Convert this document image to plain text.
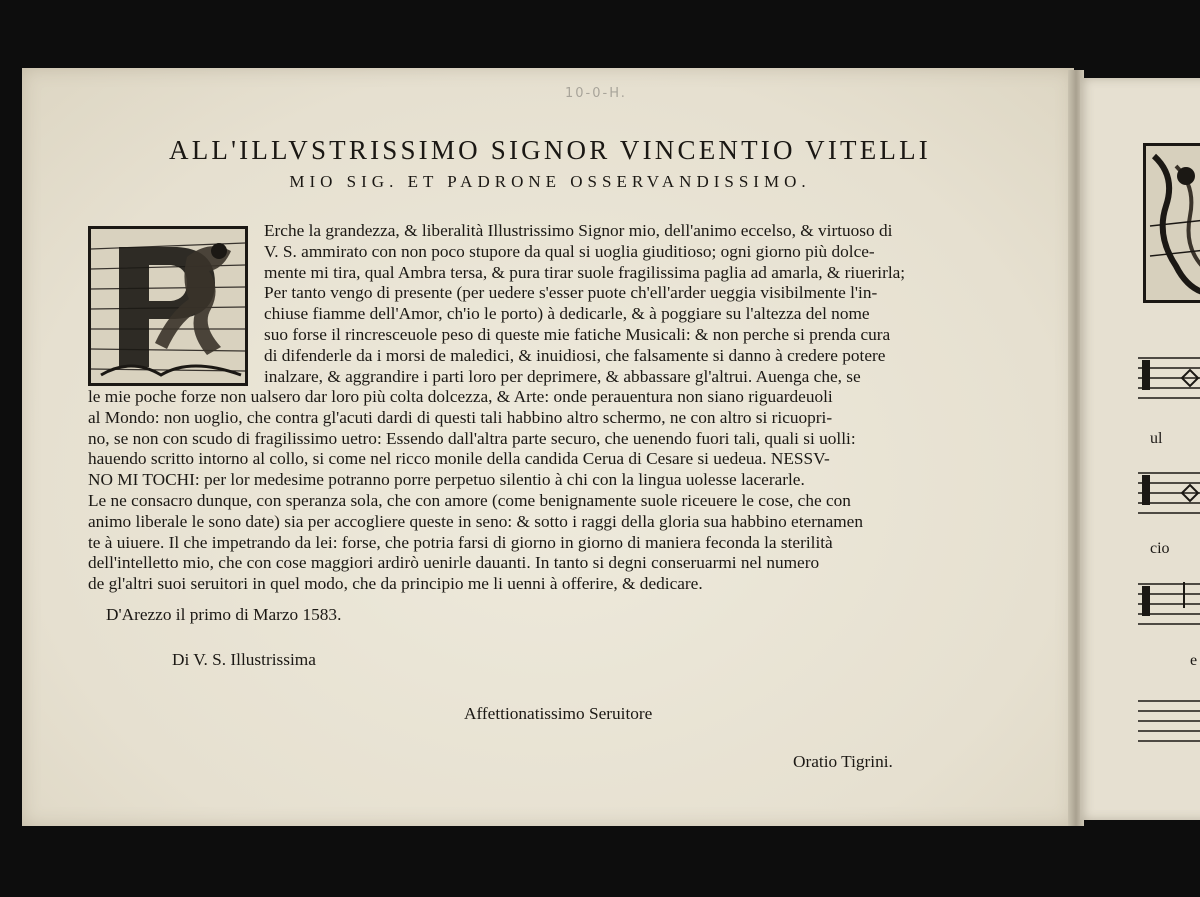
10-0-H.
ALL'ILLVSTRISSIMO SIGNOR VINCENTIO VITELLI
MIO SIG. ET PADRONE OSSERVANDISSIMO.
Erche la grandezza, & liberalità Illustrissimo Signor mio, dell'animo eccelso, & virtuoso di
V. S. ammirato con non poco stupore da qual si uoglia giuditioso; ogni giorno più dolce-
mente mi tira, qual Ambra tersa, & pura tirar suole fragilissima paglia ad amarla, & riuerirla;
Per tanto vengo di presente (per uedere s'esser puote ch'ell'arder ueggia visibilmente l'in-
chiuse fiamme dell'Amor, ch'io le porto) à dedicarle, & à poggiare su l'altezza del nome
suo forse il rincresceuole peso di queste mie fatiche Musicali: & non perche si prenda cura
di difenderle da i morsi de maledici, & inuidiosi, che falsamente si danno à credere potere
inalzare, & aggrandire i parti loro per deprimere, & abbassare gl'altrui. Auenga che, se
le mie poche forze non ualsero dar loro più colta dolcezza, & Arte: onde perauentura non siano riguardeuoli
al Mondo: non uoglio, che contra gl'acuti dardi di questi tali habbino altro schermo, ne con altro si ricuopri-
no, se non con scudo di fragilissimo uetro: Essendo dall'altra parte securo, che uenendo fuori tali, quali si uolli:
hauendo scritto intorno al collo, si come nel ricco monile della candida Cerua di Cesare si uedeua. NESSV-
NO MI TOCHI: per lor medesime potranno porre perpetuo silentio à chi con la lingua uolesse lacerarle.
Le ne consacro dunque, con speranza sola, che con amore (come benignamente suole riceuere le cose, che con
animo liberale le sono date) sia per accogliere queste in seno: & sotto i raggi della gloria sua habbino eternamen
te à uiuere. Il che impetrando da lei: forse, che potria farsi di giorno in giorno di maniera feconda la sterilità
dell'intelletto mio, che con cose maggiori ardirò uenirle dauanti. In tanto si degni conseruarmi nel numero
de gl'altri suoi seruitori in quel modo, che da principio me li uenni à offerire, & dedicare.
D'Arezzo il primo di Marzo 1583.
Di V. S. Illustrissima
Affettionatissimo Seruitore
Oratio Tigrini.
ul
cio
e
